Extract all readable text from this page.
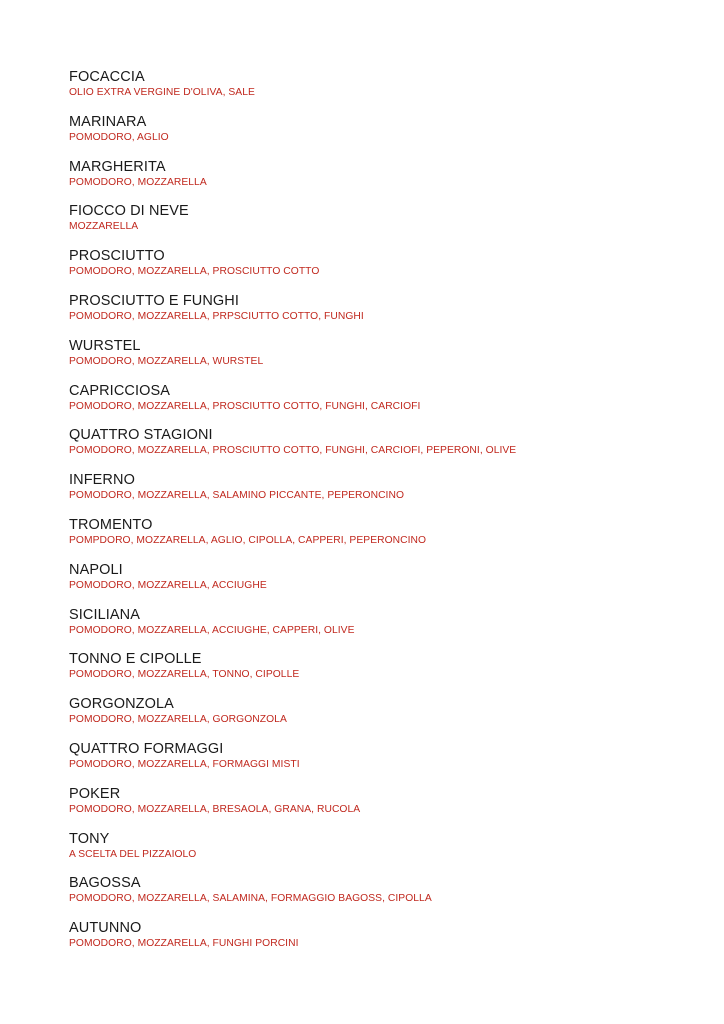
FOCACCIA
OLIO EXTRA VERGINE D'OLIVA, SALE
MARINARA
POMODORO, AGLIO
MARGHERITA
POMODORO, MOZZARELLA
FIOCCO DI NEVE
MOZZARELLA
PROSCIUTTO
POMODORO, MOZZARELLA, PROSCIUTTO COTTO
PROSCIUTTO E FUNGHI
POMODORO, MOZZARELLA, PRPSCIUTTO COTTO, FUNGHI
WURSTEL
POMODORO, MOZZARELLA, WURSTEL
CAPRICCIOSA
POMODORO, MOZZARELLA, PROSCIUTTO COTTO, FUNGHI, CARCIOFI
QUATTRO STAGIONI
POMODORO, MOZZARELLA, PROSCIUTTO COTTO, FUNGHI, CARCIOFI, PEPERONI, OLIVE
INFERNO
POMODORO, MOZZARELLA, SALAMINO PICCANTE, PEPERONCINO
TROMENTO
POMPDORO, MOZZARELLA, AGLIO, CIPOLLA, CAPPERI, PEPERONCINO
NAPOLI
POMODORO, MOZZARELLA, ACCIUGHE
SICILIANA
POMODORO, MOZZARELLA, ACCIUGHE, CAPPERI, OLIVE
TONNO E CIPOLLE
POMODORO, MOZZARELLA, TONNO, CIPOLLE
GORGONZOLA
POMODORO, MOZZARELLA, GORGONZOLA
QUATTRO FORMAGGI
POMODORO, MOZZARELLA, FORMAGGI MISTI
POKER
POMODORO, MOZZARELLA, BRESAOLA, GRANA, RUCOLA
TONY
A SCELTA DEL PIZZAIOLO
BAGOSSA
POMODORO, MOZZARELLA, SALAMINA, FORMAGGIO BAGOSS, CIPOLLA
AUTUNNO
POMODORO, MOZZARELLA, FUNGHI PORCINI
